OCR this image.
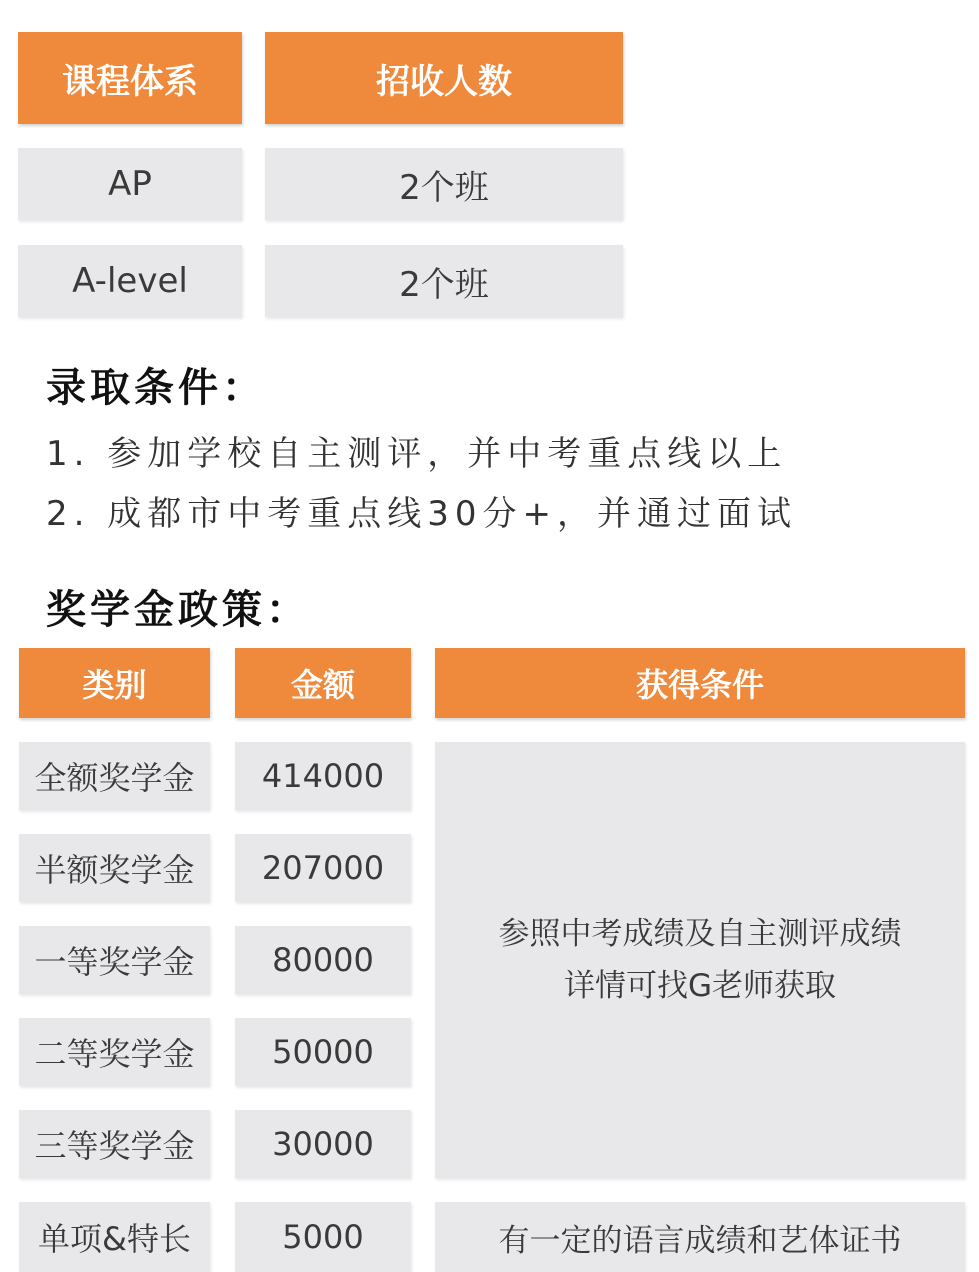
课程体系	招收人数
AP	2个班
A-level	2个班
录取条件：
1. 参加学校自主测评，并中考重点线以上
2. 成都市中考重点线30分+，并通过面试
奖学金政策：
类别	金额	获得条件
全额奖学金	414000
半额奖学金	207000
一等奖学金	80000
二等奖学金	50000
三等奖学金	30000
参照中考成绩及自主测评成绩
详情可找G老师获取
单项&特长	5000	有一定的语言成绩和艺体证书
